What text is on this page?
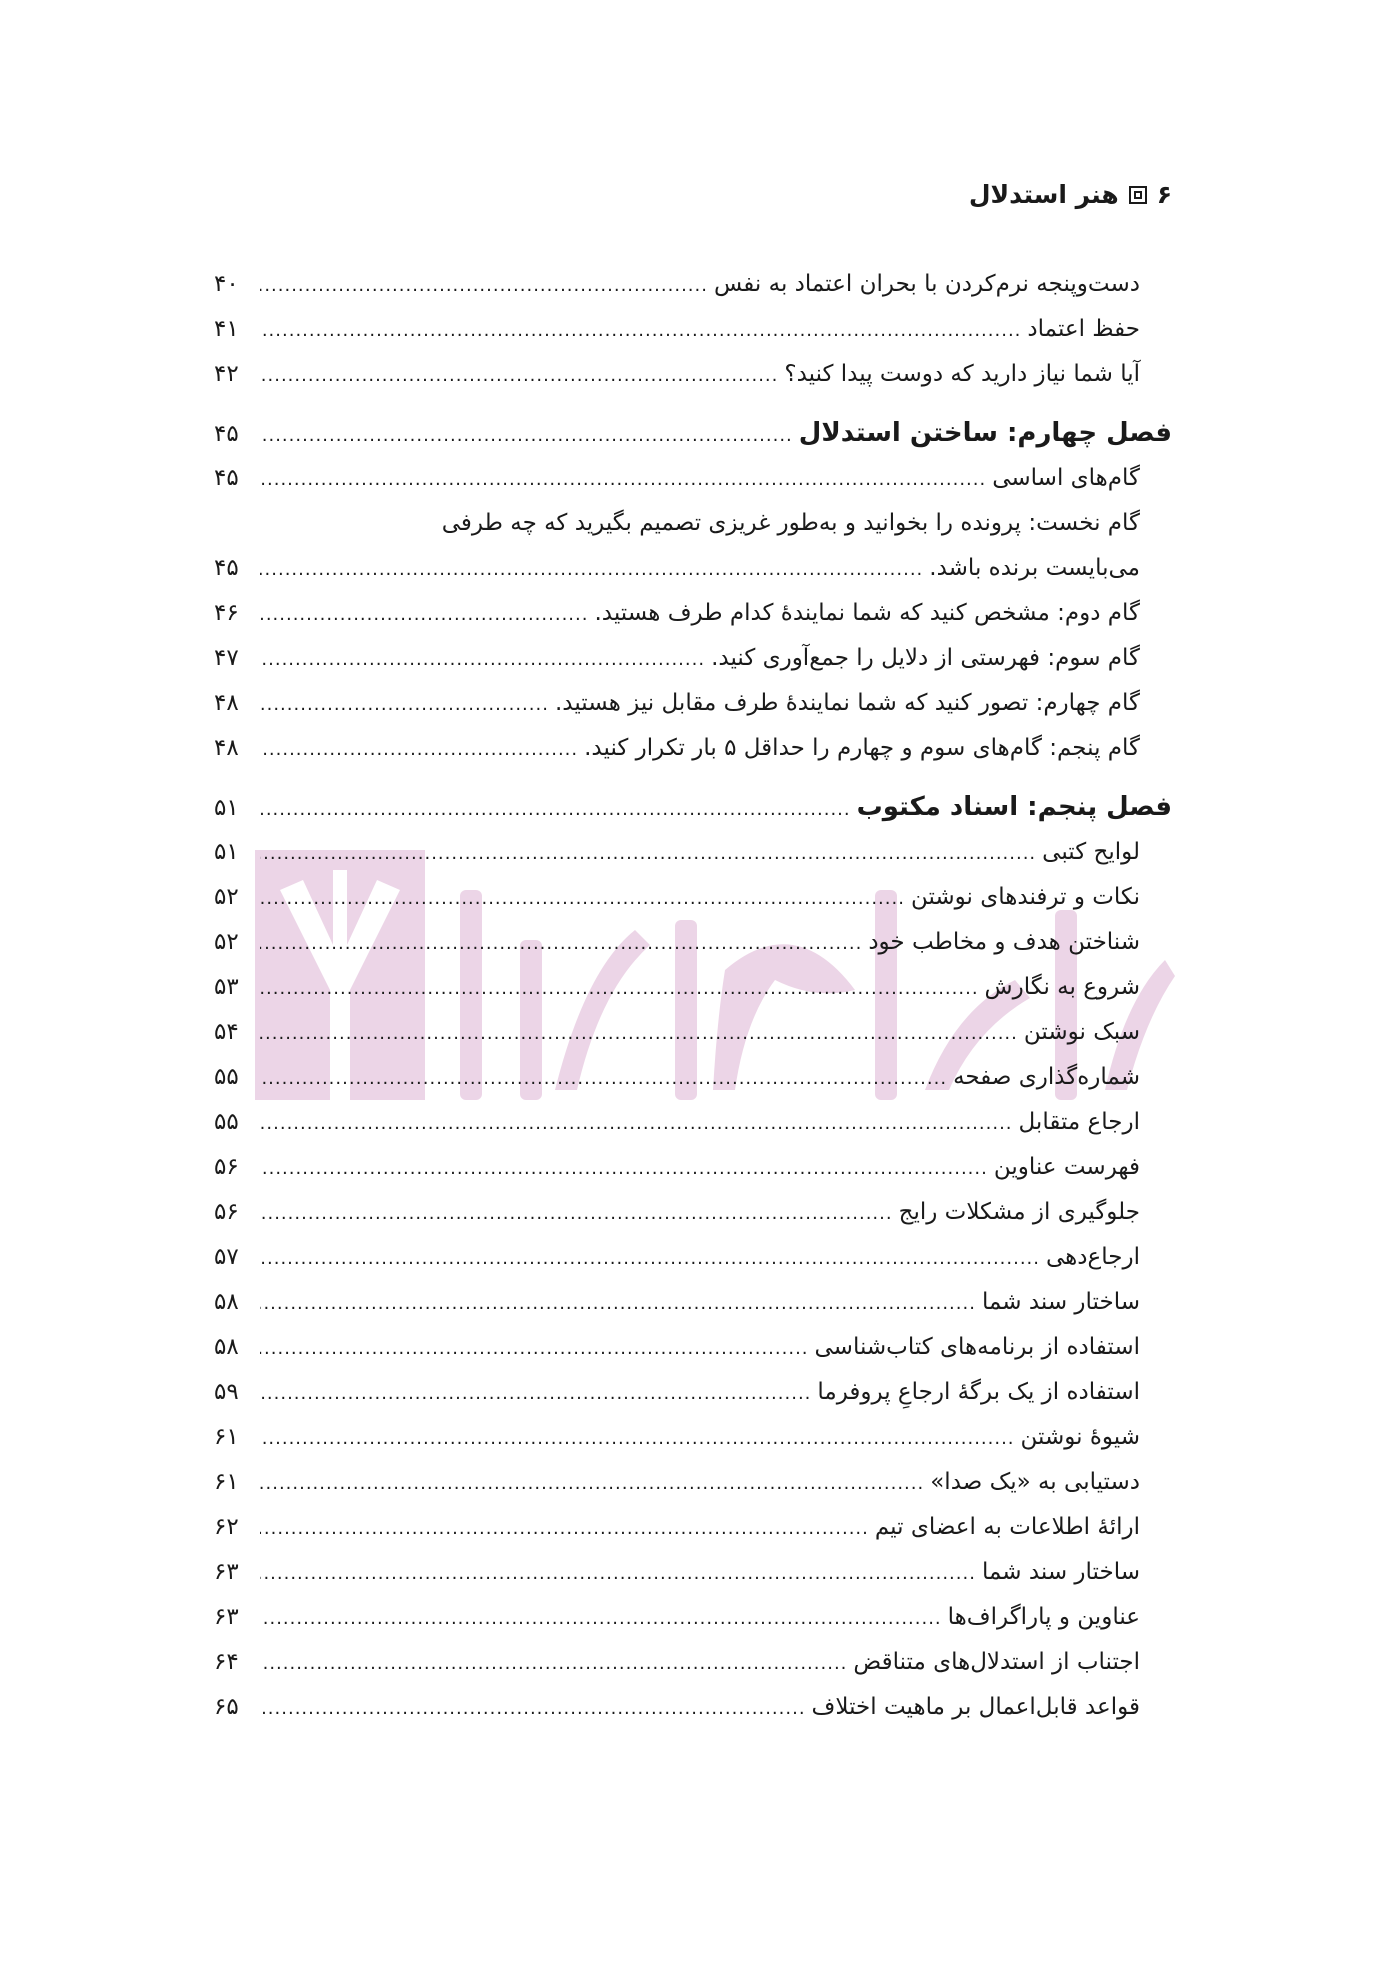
۶
هنر استدلال
دست‌وپنجه نرم‌کردن با بحران اعتماد به نفس
.....
۴۰
حفظ اعتماد
.....
۴۱
آیا شما نیاز دارید که دوست پیدا کنید؟
.....
۴۲
فصل چهارم: ساختن استدلال
.....
۴۵
گام‌های اساسی
.....
۴۵
گام نخست: پرونده را بخوانید و به‌طور غریزی تصمیم بگیرید که چه طرفی
می‌بایست برنده باشد.
.....
۴۵
گام دوم: مشخص کنید که شما نمایندهٔ کدام طرف هستید.
.....
۴۶
گام سوم: فهرستی از دلایل را جمع‌آوری کنید.
.....
۴۷
گام چهارم: تصور کنید که شما نمایندهٔ طرف مقابل نیز هستید.
.....
۴۸
گام پنجم: گام‌های سوم و چهارم را حداقل ۵ بار تکرار کنید.
.....
۴۸
فصل پنجم: اسناد مکتوب
.....
۵۱
لوایح کتبی
.....
۵۱
نکات و ترفندهای نوشتن
.....
۵۲
شناختن هدف و مخاطب خود
.....
۵۲
شروع به نگارش
.....
۵۳
سبک نوشتن
.....
۵۴
شماره‌گذاری صفحه
.....
۵۵
ارجاع متقابل
.....
۵۵
فهرست عناوین
.....
۵۶
جلوگیری از مشکلات رایج
.....
۵۶
ارجاع‌دهی
.....
۵۷
ساختار سند شما
.....
۵۸
استفاده از برنامه‌های کتاب‌شناسی
.....
۵۸
استفاده از یک برگهٔ ارجاعِ پروفرما
.....
۵۹
شیوهٔ نوشتن
.....
۶۱
دستیابی به «یک صدا»
.....
۶۱
ارائهٔ اطلاعات به اعضای تیم
.....
۶۲
ساختار سند شما
.....
۶۳
عناوین و پاراگراف‌ها
.....
۶۳
اجتناب از استدلال‌های متناقض
.....
۶۴
قواعد قابل‌اعمال بر ماهیت اختلاف
.....
۶۵
